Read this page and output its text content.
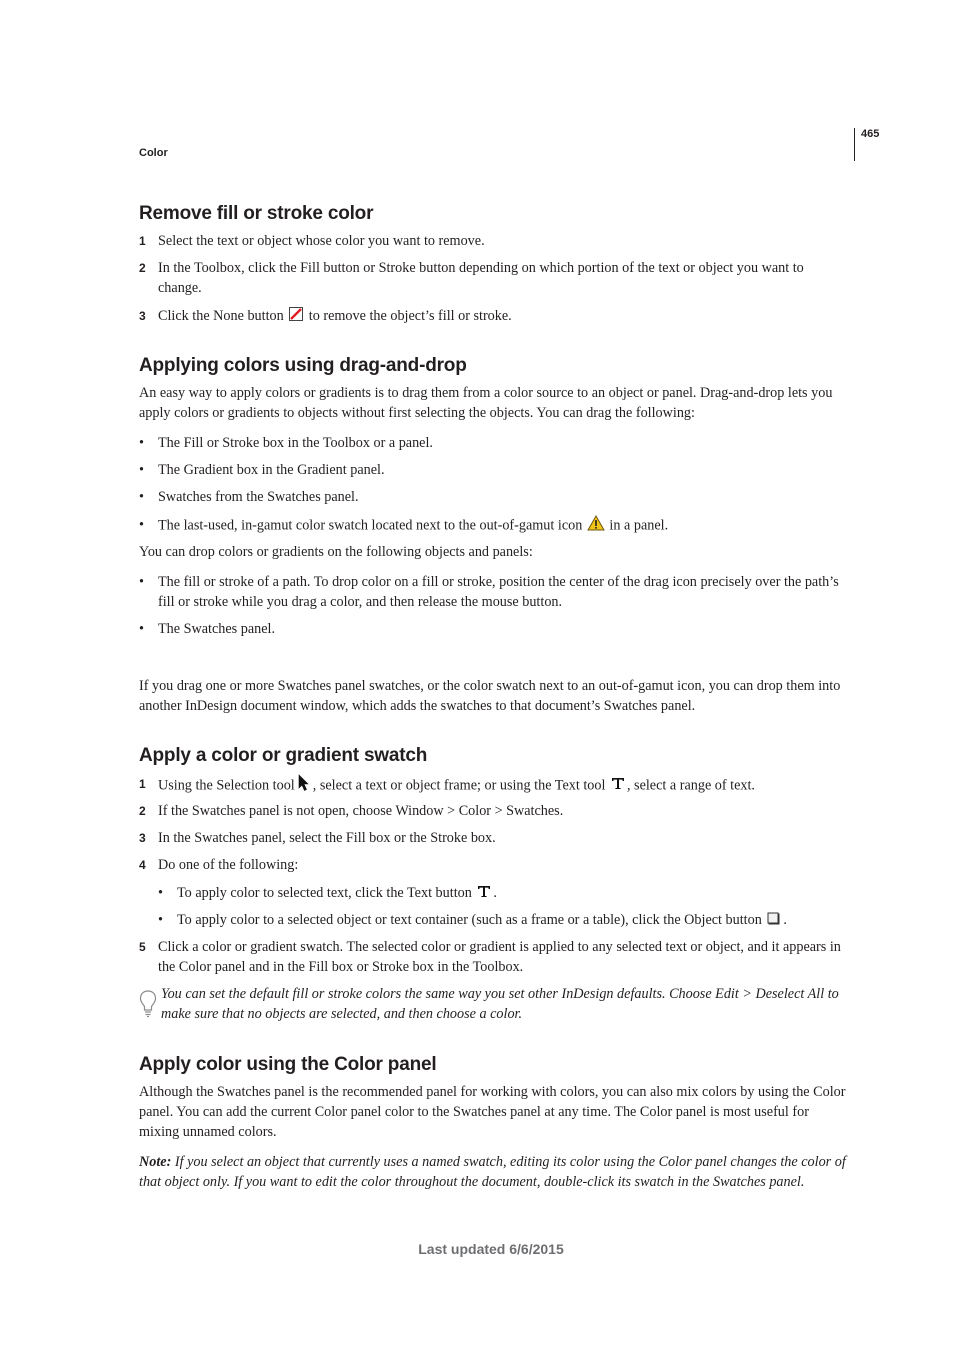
465
Color
Remove fill or stroke color
1 Select the text or object whose color you want to remove.
2 In the Toolbox, click the Fill button or Stroke button depending on which portion of the text or object you want to change.
3 Click the None button to remove the object’s fill or stroke.
Applying colors using drag-and-drop

An easy way to apply colors or gradients is to drag them from a color source to an object or panel. Drag-and-drop lets you apply colors or gradients to objects without first selecting the objects. You can drag the following:

• The Fill or Stroke box in the Toolbox or a panel.
• The Gradient box in the Gradient panel.
• Swatches from the Swatches panel.
• The last-used, in-gamut color swatch located next to the out-of-gamut icon in a panel.

You can drop colors or gradients on the following objects and panels:

• The fill or stroke of a path. To drop color on a fill or stroke, position the center of the drag icon precisely over the path’s fill or stroke while you drag a color, and then release the mouse button.
• The Swatches panel.

If you drag one or more Swatches panel swatches, or the color swatch next to an out-of-gamut icon, you can drop them into another InDesign document window, which adds the swatches to that document’s Swatches panel.

Apply a color or gradient swatch
1 Using the Selection tool , select a text or object frame; or using the Text tool , select a range of text.
2 If the Swatches panel is not open, choose Window > Color > Swatches.
3 In the Swatches panel, select the Fill box or the Stroke box.
4 Do one of the following:
• To apply color to selected text, click the Text button .
• To apply color to a selected object or text container (such as a frame or a table), click the Object button .
5 Click a color or gradient swatch. The selected color or gradient is applied to any selected text or object, and it appears in the Color panel and in the Fill box or Stroke box in the Toolbox.
You can set the default fill or stroke colors the same way you set other InDesign defaults. Choose Edit > Deselect All to make sure that no objects are selected, and then choose a color.
Apply color using the Color panel

Although the Swatches panel is the recommended panel for working with colors, you can also mix colors by using the Color panel. You can add the current Color panel color to the Swatches panel at any time. The Color panel is most useful for mixing unnamed colors.

Note: If you select an object that currently uses a named swatch, editing its color using the Color panel changes the color of that object only. If you want to edit the color throughout the document, double-click its swatch in the Swatches panel.

Last updated 6/6/2015
